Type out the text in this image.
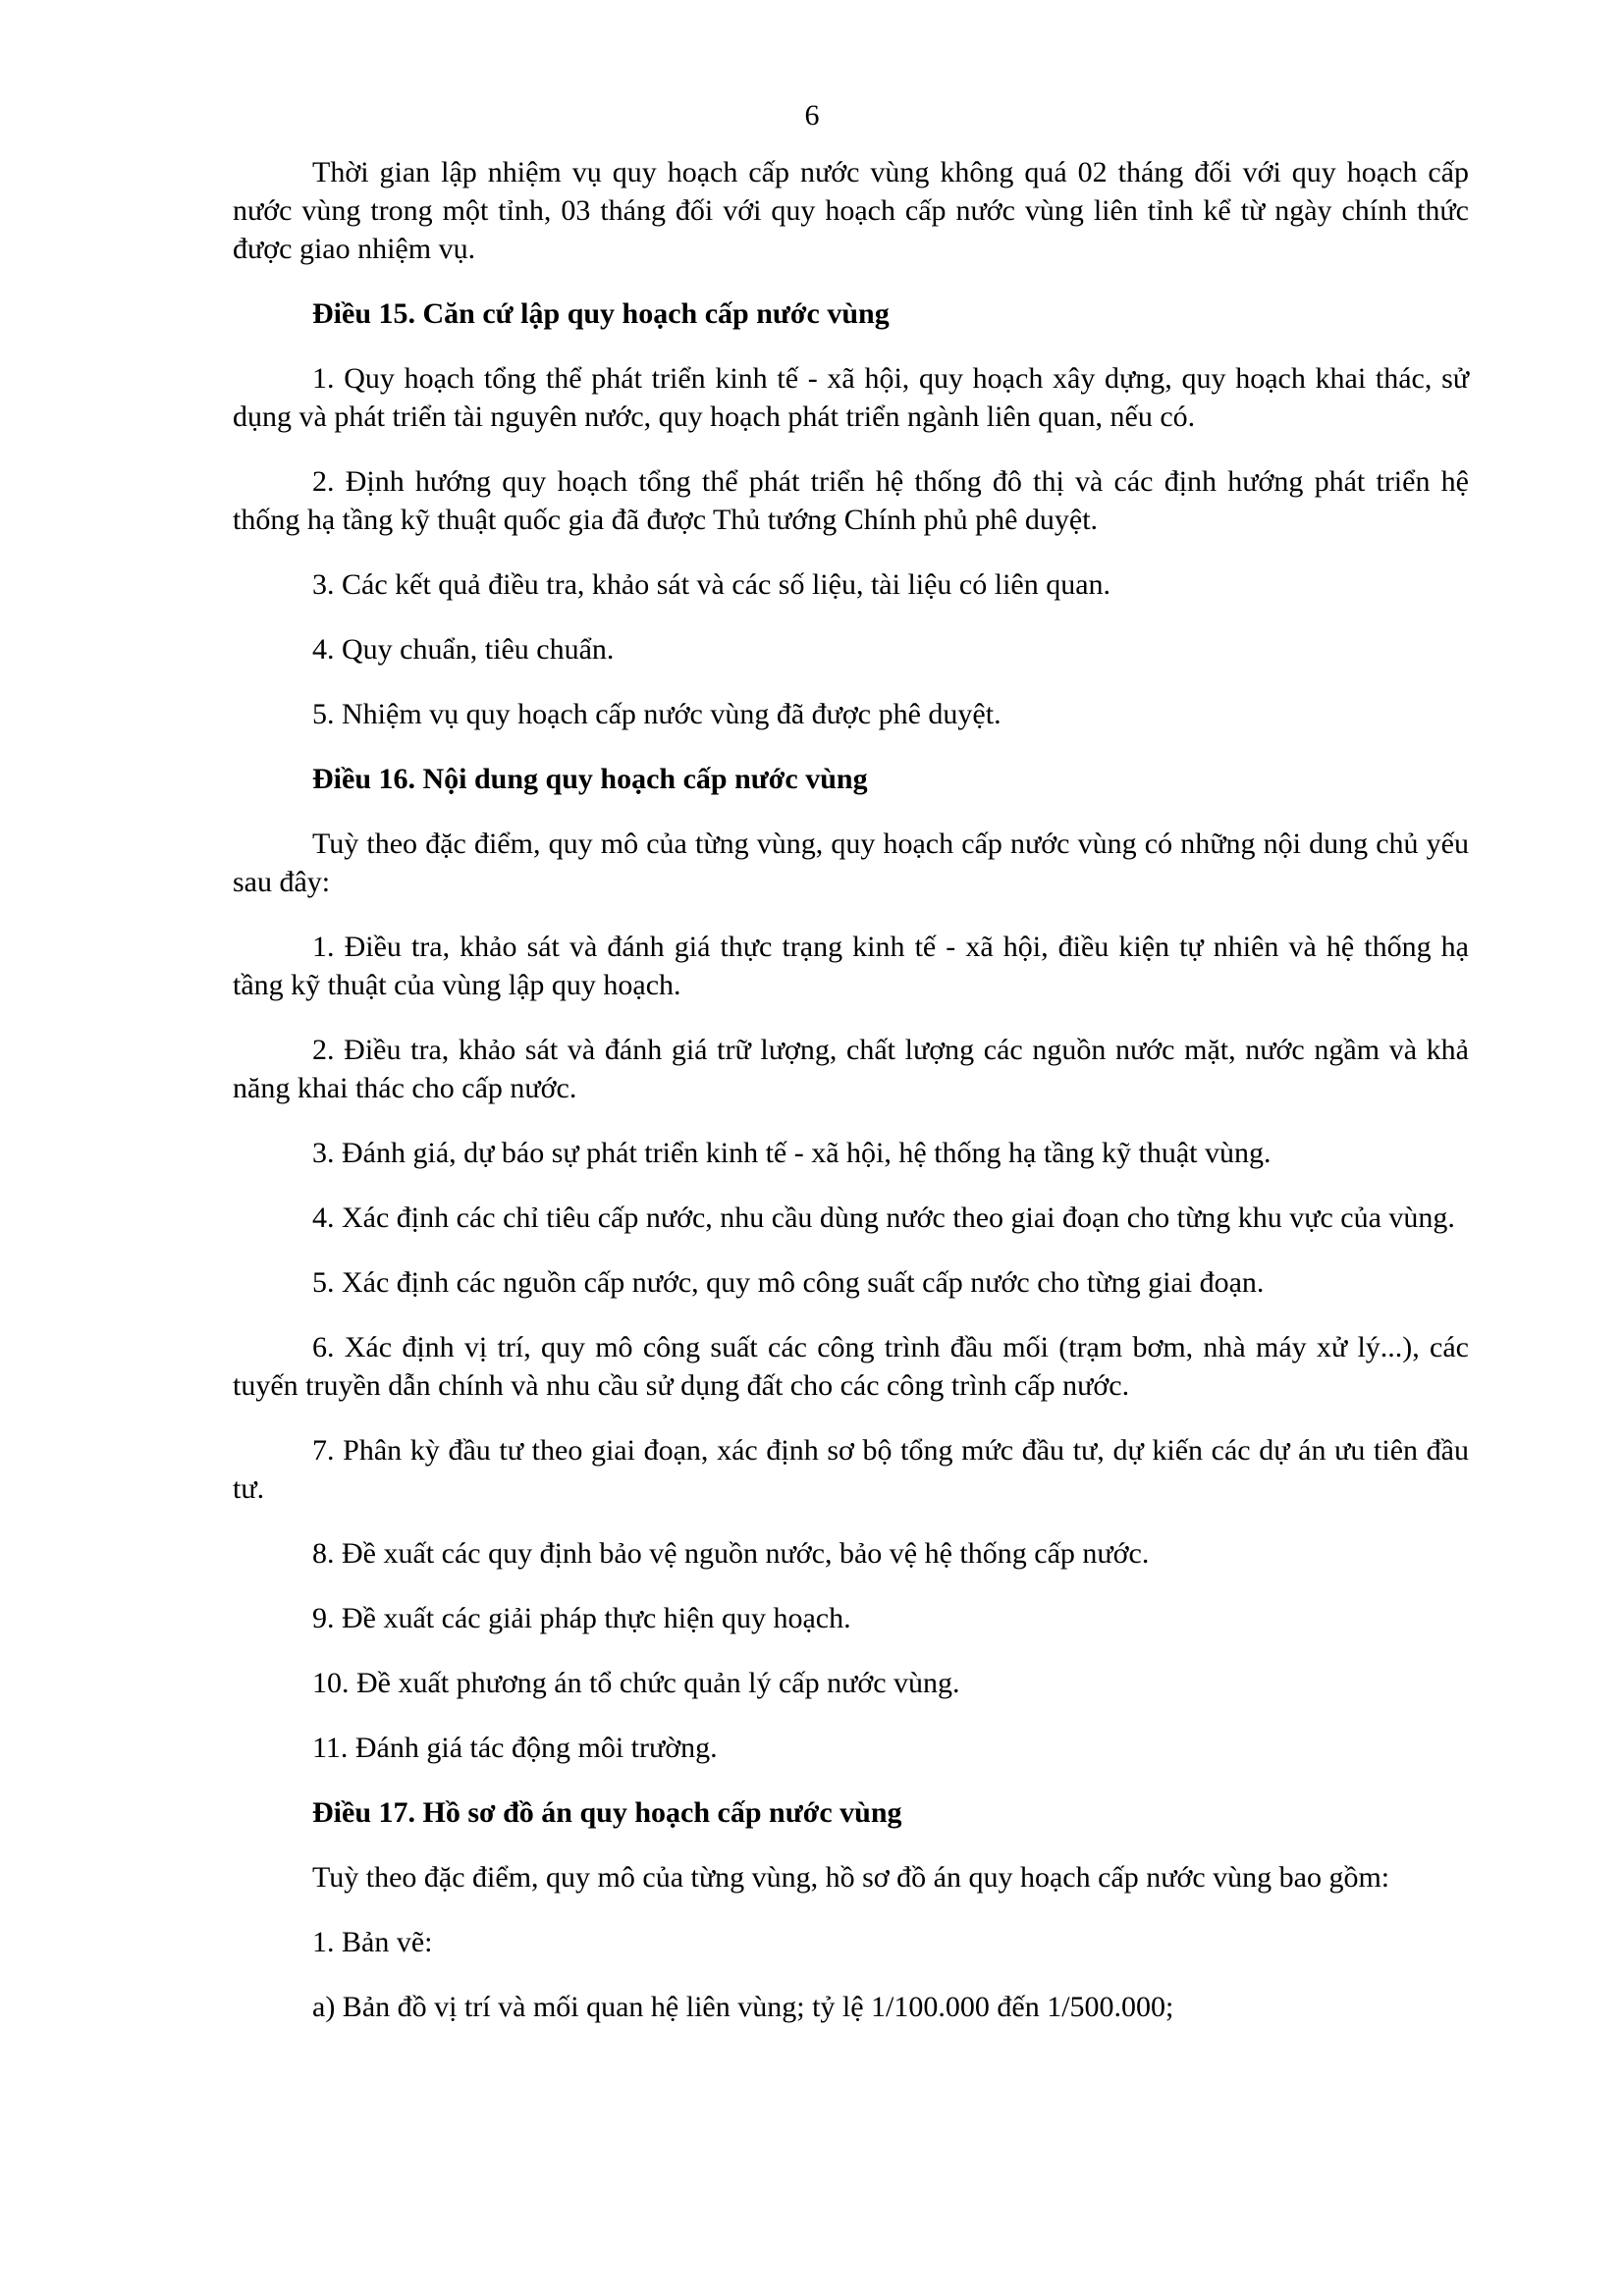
6

Thời gian lập nhiệm vụ quy hoạch cấp nước vùng không quá 02 tháng đối với quy hoạch cấp nước vùng trong một tỉnh, 03 tháng đối với quy hoạch cấp nước vùng liên tỉnh kể từ ngày chính thức được giao nhiệm vụ.

Điều 15. Căn cứ lập quy hoạch cấp nước vùng

1. Quy hoạch tổng thể phát triển kinh tế - xã hội, quy hoạch xây dựng, quy hoạch khai thác, sử dụng và phát triển tài nguyên nước, quy hoạch phát triển ngành liên quan, nếu có.

2. Định hướng quy hoạch tổng thể phát triển hệ thống đô thị và các định hướng phát triển hệ thống hạ tầng kỹ thuật quốc gia đã được Thủ tướng Chính phủ phê duyệt.

3. Các kết quả điều tra, khảo sát và các số liệu, tài liệu có liên quan.

4. Quy chuẩn, tiêu chuẩn.

5. Nhiệm vụ quy hoạch cấp nước vùng đã được phê duyệt.

Điều 16. Nội dung quy hoạch cấp nước vùng

Tuỳ theo đặc điểm, quy mô của từng vùng, quy hoạch cấp nước vùng có những nội dung chủ yếu sau đây:

1. Điều tra, khảo sát và đánh giá thực trạng kinh tế - xã hội, điều kiện tự nhiên và hệ thống hạ tầng kỹ thuật của vùng lập quy hoạch.

2. Điều tra, khảo sát và đánh giá trữ lượng, chất lượng các nguồn nước mặt, nước ngầm và khả năng khai thác cho cấp nước.

3. Đánh giá, dự báo sự phát triển kinh tế - xã hội, hệ thống hạ tầng kỹ thuật vùng.

4. Xác định các chỉ tiêu cấp nước, nhu cầu dùng nước theo giai đoạn cho từng khu vực của vùng.

5. Xác định các nguồn cấp nước, quy mô công suất cấp nước cho từng giai đoạn.

6. Xác định vị trí, quy mô công suất các công trình đầu mối (trạm bơm, nhà máy xử lý...), các tuyến truyền dẫn chính và nhu cầu sử dụng đất cho các công trình cấp nước.

7. Phân kỳ đầu tư theo giai đoạn, xác định sơ bộ tổng mức đầu tư, dự kiến các dự án ưu tiên đầu tư.

8. Đề xuất các quy định bảo vệ nguồn nước, bảo vệ hệ thống cấp nước.

9. Đề xuất các giải pháp thực hiện quy hoạch.

10. Đề xuất phương án tổ chức quản lý cấp nước vùng.

11. Đánh giá tác động môi trường.

Điều 17. Hồ sơ đồ án quy hoạch cấp nước vùng

Tuỳ theo đặc điểm, quy mô của từng vùng, hồ sơ đồ án quy hoạch cấp nước vùng bao gồm:

1. Bản vẽ:

a) Bản đồ vị trí và mối quan hệ liên vùng; tỷ lệ 1/100.000 đến 1/500.000;
